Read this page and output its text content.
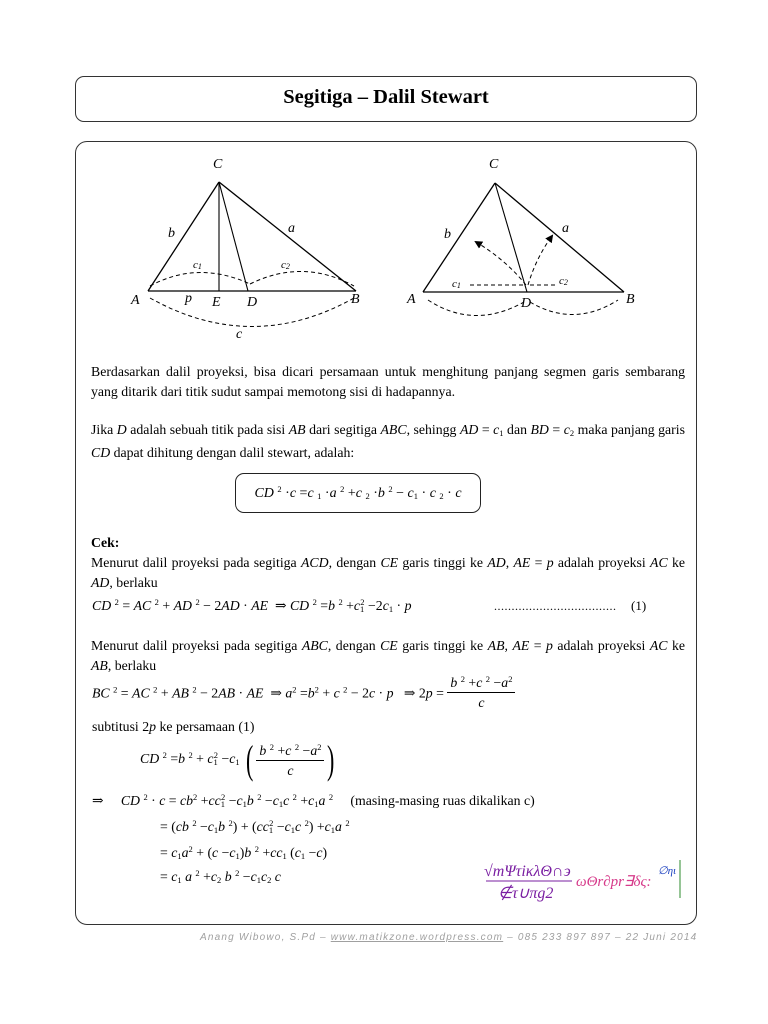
Segitiga – Dalil Stewart
C
b	a
c1	c2
A	p E D	B
c
C
b	a
c1	c2
A	D	B

Berdasarkan dalil proyeksi, bisa dicari persamaan untuk menghitung panjang segmen garis sembarang yang ditarik dari titik sudut sampai memotong sisi di hadapannya.

Jika D adalah sebuah titik pada sisi AB dari segitiga ABC, sehingg AD = $c_1$ dan BD = $c_2$ maka panjang garis CD dapat dihitung dengan dalil stewart, adalah:

CD $^2$ ·c =c $_1$ ·a $^2$ +c $_2$ ·b $^2 - c_1 \cdot c$ $_2$ · c
Cek:

Menurut dalil proyeksi pada segitiga ACD, dengan CE garis tinggi ke AD, AE = p adalah proyeksi AC ke AD, berlaku

CD $^2$ = AC $^2$ + AD $^2$ − 2AD · AE  ⇒ CD $^2$ =b $^2 +c_1^2 -2c_1 \cdot p$	................................... (1)

Menurut dalil proyeksi pada segitiga ABC, dengan CE garis tinggi ke AB, AE = p adalah proyeksi AC ke AB, berlaku

BC $^2$ = AC $^2$ + AB $^2$ − 2AB · AE  ⇒ $a^2 =b^2 + c$ $^2$ − 2c · p   ⇒ $2p = \frac{b ^2 +c ^2 -a^2}{c}$
subtitusi 2p ke persamaan (1)
CD $^2$ =b $^2 + c_1^2 -c_1$ ( $\frac{b ^2 +c ^2 -a^2}{c}$ )
⇒     CD $^2 \cdot c = cb^2 +cc_1^2 -c_1b$ $^2 -c_1c$ $^2 +c_1a$ $^2$ (masing-masing ruas dikalikan c)
= (cb $^2 -c_1b$ $^2) + (cc_1^2 -c_1c$ $^2) +c_1a$ $^2$
= $c_1a^2 + (c -c_1)b$ $^2 +cc_1$ $(c_1 -c)$
= $c_1$ a $^2 +c_2$ b $^2 -c_1c_2$ c	√mΨτiκλΘ∩϶
∉τ∪πg2
ωΘr∂pr∃δς:
∅ηι
Anang Wibowo, S.Pd – www.matikzone.wordpress.com – 085 233 897 897 – 22 Juni 2014
